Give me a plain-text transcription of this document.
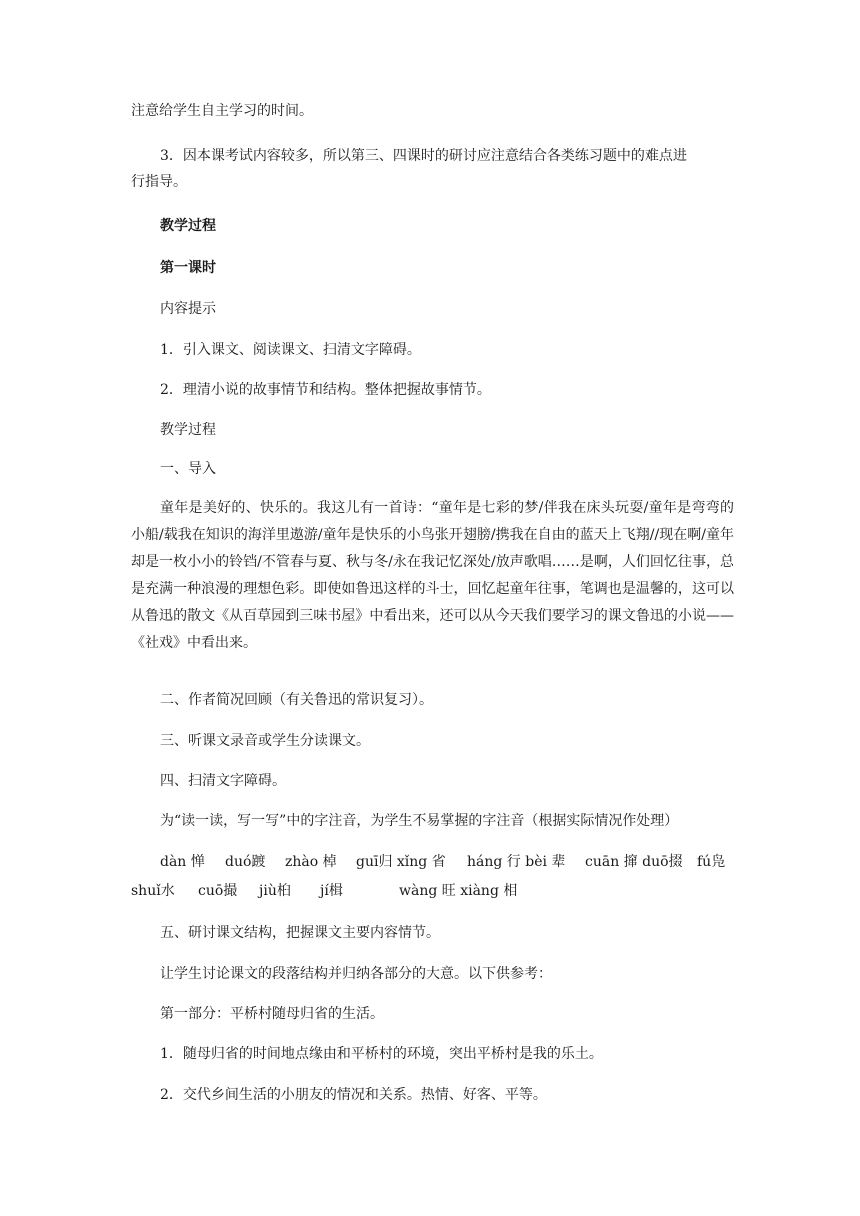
注意给学生自主学习的时间。

3．因本课考试内容较多，所以第三、四课时的研讨应注意结合各类练习题中的难点进

行指导。

教学过程

第一课时

内容提示

1．引入课文、阅读课文、扫清文字障碍。

2．理清小说的故事情节和结构。整体把握故事情节。

教学过程

一、导入

童年是美好的、快乐的。我这儿有一首诗：“童年是七彩的梦/伴我在床头玩耍/童年是弯弯的小船/载我在知识的海洋里遨游/童年是快乐的小鸟张开翅膀/携我在自由的蓝天上飞翔//现在啊/童年却是一枚小小的铃铛/不管春与夏、秋与冬/永在我记忆深处/放声歌唱……是啊，人们回忆往事，总是充满一种浪漫的理想色彩。即使如鲁迅这样的斗士，回忆起童年往事，笔调也是温馨的，这可以从鲁迅的散文《从百草园到三味书屋》中看出来，还可以从今天我们要学习的课文鲁迅的小说——《社戏》中看出来。

二、作者简况回顾（有关鲁迅的常识复习）。

三、听课文录音或学生分读课文。

四、扫清文字障碍。

为“读一读，写一写”中的字注音，为学生不易掌握的字注音（根据实际情况作处理）

dàn 惮 duó踱 zhào 棹 guī归 xǐng 省 háng 行 bèi 辈 cuān 撺 duō掇 fú凫
shuǐ水 cuō撮 jiù桕 jí楫	wàng 旺 xiàng 相

五、研讨课文结构，把握课文主要内容情节。

让学生讨论课文的段落结构并归纳各部分的大意。以下供参考：

第一部分：平桥村随母归省的生活。

1．随母归省的时间地点缘由和平桥村的环境，突出平桥村是我的乐土。

2．交代乡间生活的小朋友的情况和关系。热情、好客、平等。
